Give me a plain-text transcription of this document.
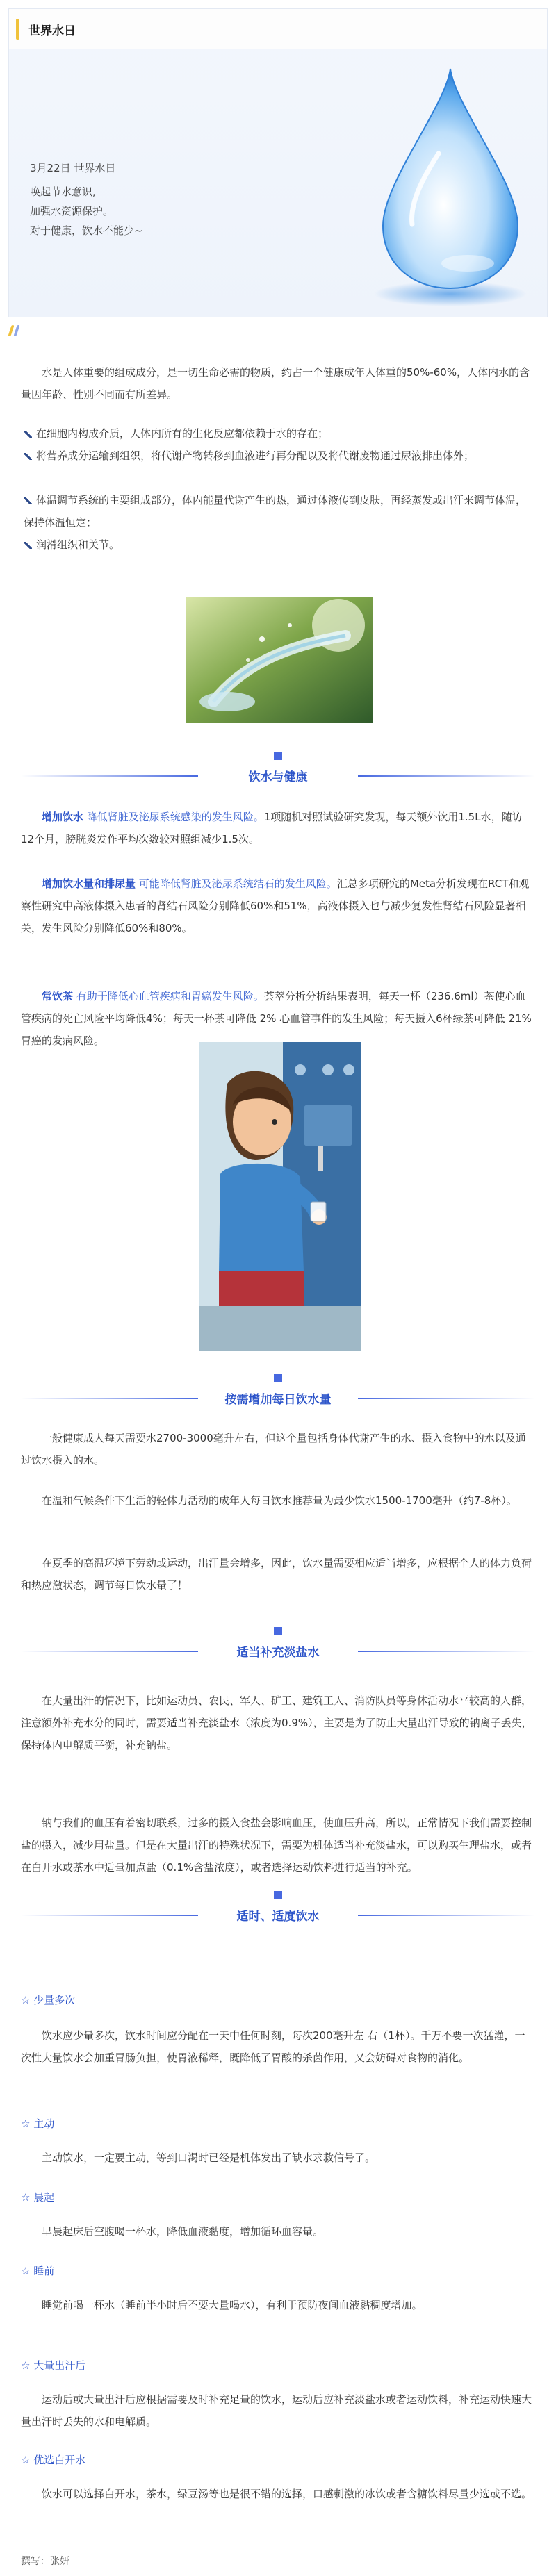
世界水日
3月22日 世界水日
唤起节水意识,
加强水资源保护。
对于健康，饮水不能少~
水是人体重要的组成成分，是一切生命必需的物质，约占一个健康成年人体重的50%-60%，人体内水的含量因年龄、性别不同而有所差异。
在细胞内构成介质，人体内所有的生化反应都依赖于水的存在；
将营养成分运输到组织，将代谢产物转移到血液进行再分配以及将代谢废物通过尿液排出体外；
体温调节系统的主要组成部分，体内能量代谢产生的热，通过体液传到皮肤，再经蒸发或出汗来调节体温，保持体温恒定；
润滑组织和关节。
饮水与健康
增加饮水 降低肾脏及泌尿系统感染的发生风险。1项随机对照试验研究发现，每天额外饮用1.5L水，随访12个月，膀胱炎发作平均次数较对照组减少1.5次。
增加饮水量和排尿量 可能降低肾脏及泌尿系统结石的发生风险。汇总多项研究的Meta分析发现在RCT和观察性研究中高液体摄入患者的肾结石风险分别降低60%和51%，高液体摄入也与减少复发性肾结石风险显著相关，发生风险分别降低60%和80%。
常饮茶 有助于降低心血管疾病和胃癌发生风险。荟萃分析分析结果表明，每天一杯（236.6ml）茶使心血管疾病的死亡风险平均降低4%；每天一杯茶可降低 2% 心血管事件的发生风险；每天摄入6杯绿茶可降低 21%胃癌的发病风险。
按需增加每日饮水量
一般健康成人每天需要水2700-3000毫升左右，但这个量包括身体代谢产生的水、摄入食物中的水以及通过饮水摄入的水。
在温和气候条件下生活的轻体力活动的成年人每日饮水推荐量为最少饮水1500-1700毫升（约7-8杯）。
在夏季的高温环境下劳动或运动，出汗量会增多，因此，饮水量需要相应适当增多，应根据个人的体力负荷和热应激状态，调节每日饮水量了！
适当补充淡盐水
在大量出汗的情况下，比如运动员、农民、军人、矿工、建筑工人、消防队员等身体活动水平较高的人群，注意额外补充水分的同时，需要适当补充淡盐水（浓度为0.9%），主要是为了防止大量出汗导致的钠离子丢失，保持体内电解质平衡，补充钠盐。
钠与我们的血压有着密切联系，过多的摄入食盐会影响血压，使血压升高，所以，正常情况下我们需要控制盐的摄入，减少用盐量。但是在大量出汗的特殊状况下，需要为机体适当补充淡盐水，可以购买生理盐水，或者在白开水或茶水中适量加点盐（0.1%含盐浓度），或者选择运动饮料进行适当的补充。
适时、适度饮水
☆ 少量多次
饮水应少量多次，饮水时间应分配在一天中任何时刻，每次200毫升左 右（1杯）。千万不要一次猛灌，一次性大量饮水会加重胃肠负担，使胃液稀释，既降低了胃酸的杀菌作用，又会妨碍对食物的消化。
☆ 主动
主动饮水，一定要主动，等到口渴时已经是机体发出了缺水求救信号了。
☆ 晨起
早晨起床后空腹喝一杯水，降低血液黏度，增加循环血容量。
☆ 睡前
睡觉前喝一杯水（睡前半小时后不要大量喝水），有利于预防夜间血液黏稠度增加。
☆ 大量出汗后
运动后或大量出汗后应根据需要及时补充足量的饮水，运动后应补充淡盐水或者运动饮料，补充运动快速大量出汗时丢失的水和电解质。
☆ 优选白开水
饮水可以选择白开水，茶水，绿豆汤等也是很不错的选择，口感刺激的冰饮或者含糖饮料尽量少选或不选。
撰写：张妍
